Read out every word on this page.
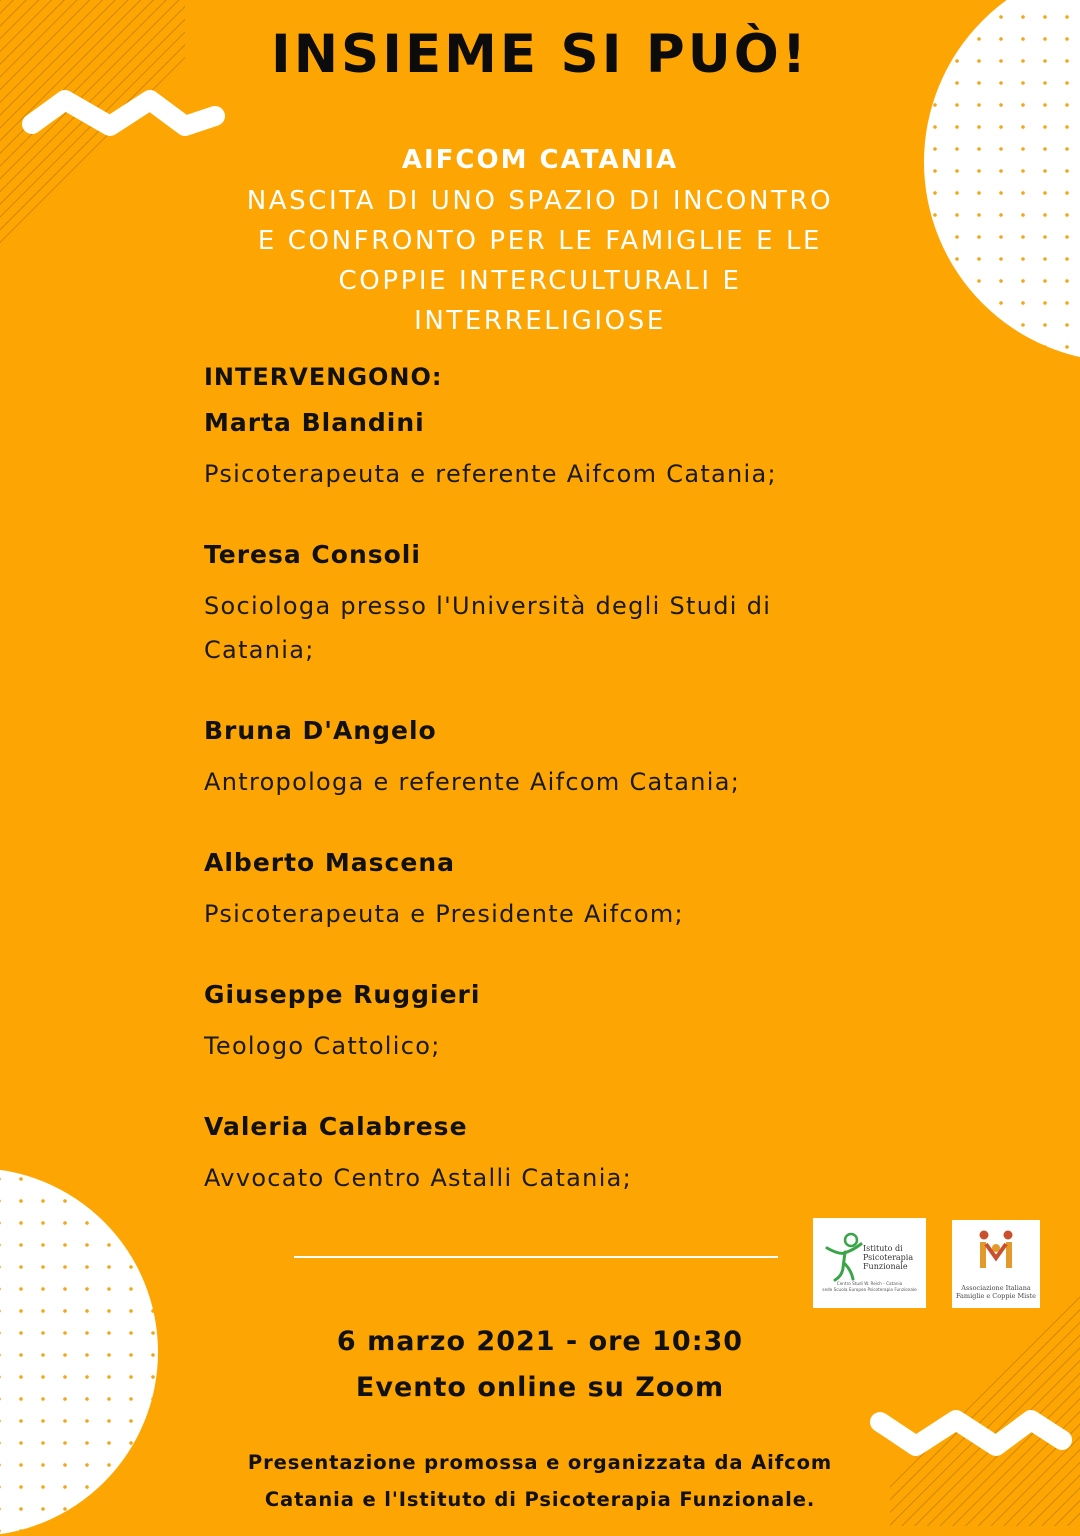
INSIEME SI PUÒ!
AIFCOM CATANIA
NASCITA DI UNO SPAZIO DI INCONTRO
E CONFRONTO PER LE FAMIGLIE E LE
COPPIE INTERCULTURALI E
INTERRELIGIOSE
INTERVENGONO:
Marta Blandini
Psicoterapeuta e referente Aifcom Catania;
Teresa Consoli
Sociologa presso l'Università degli Studi di
Catania;
Bruna D'Angelo
Antropologa e referente Aifcom Catania;
Alberto Mascena
Psicoterapeuta e Presidente Aifcom;
Giuseppe Ruggieri
Teologo Cattolico;
Valeria Calabrese
Avvocato Centro Astalli Catania;
Istituto di
Psicoterapia
Funzionale
Centro Studi W. Reich - Catania
sede Scuola Europea Psicoterapia Funzionale	Associazione Italiana
Famiglie e Coppie Miste
6 marzo 2021 - ore 10:30
Evento online su Zoom
Presentazione promossa e organizzata da Aifcom
Catania e l'Istituto di Psicoterapia Funzionale.
